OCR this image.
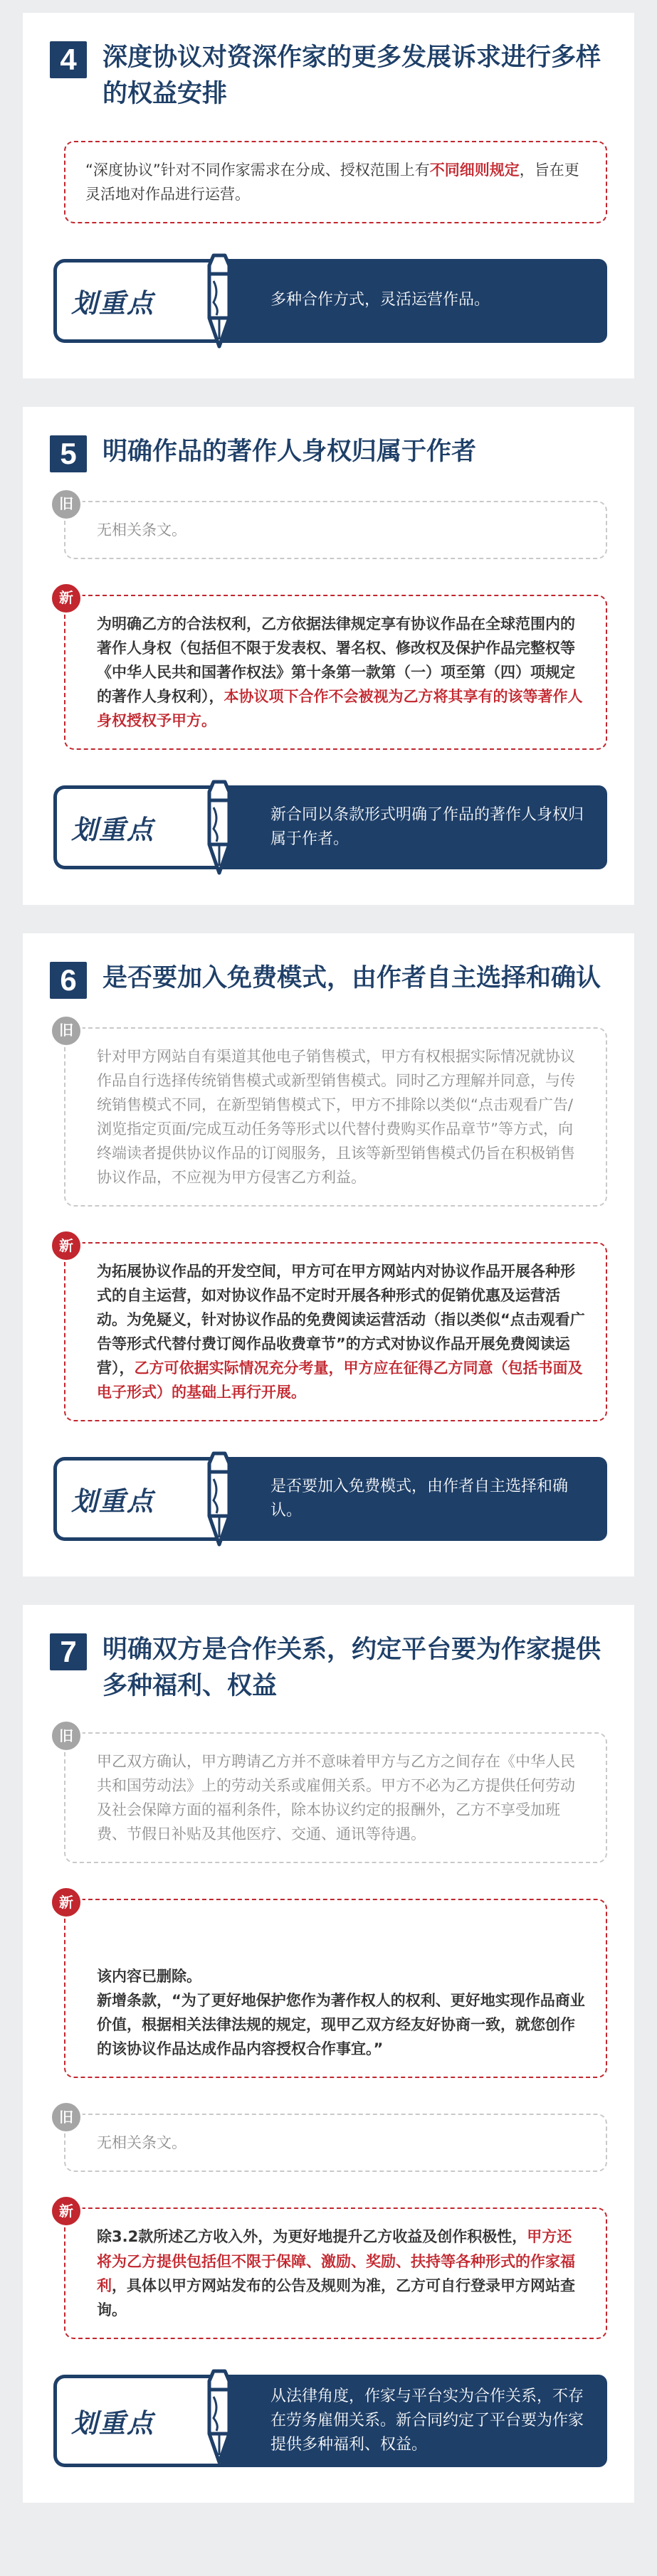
4	深度协议对资深作家的更多发展诉求进行多样的权益安排
“深度协议”针对不同作家需求在分成、授权范围上有不同细则规定，旨在更灵活地对作品进行运营。
划重点	多种合作方式，灵活运营作品。
5	明确作品的著作人身权归属于作者
旧
无相关条文。
新
为明确乙方的合法权利，乙方依据法律规定享有协议作品在全球范围内的著作人身权（包括但不限于发表权、署名权、修改权及保护作品完整权等《中华人民共和国著作权法》第十条第一款第（一）项至第（四）项规定的著作人身权利），本协议项下合作不会被视为乙方将其享有的该等著作人身权授权予甲方。
划重点	新合同以条款形式明确了作品的著作人身权归属于作者。
6	是否要加入免费模式，由作者自主选择和确认
旧
针对甲方网站自有渠道其他电子销售模式，甲方有权根据实际情况就协议作品自行选择传统销售模式或新型销售模式。同时乙方理解并同意，与传统销售模式不同，在新型销售模式下，甲方不排除以类似“点击观看广告/浏览指定页面/完成互动任务等形式以代替付费购买作品章节”等方式，向终端读者提供协议作品的订阅服务，且该等新型销售模式仍旨在积极销售协议作品，不应视为甲方侵害乙方利益。
新
为拓展协议作品的开发空间，甲方可在甲方网站内对协议作品开展各种形式的自主运营，如对协议作品不定时开展各种形式的促销优惠及运营活动。为免疑义，针对协议作品的免费阅读运营活动（指以类似“点击观看广告等形式代替付费订阅作品收费章节”的方式对协议作品开展免费阅读运营），乙方可依据实际情况充分考量，甲方应在征得乙方同意（包括书面及电子形式）的基础上再行开展。
划重点	是否要加入免费模式，由作者自主选择和确认。
7	明确双方是合作关系，约定平台要为作家提供多种福利、权益
旧
甲乙双方确认，甲方聘请乙方并不意味着甲方与乙方之间存在《中华人民共和国劳动法》上的劳动关系或雇佣关系。甲方不必为乙方提供任何劳动及社会保障方面的福利条件，除本协议约定的报酬外，乙方不享受加班费、节假日补贴及其他医疗、交通、通讯等待遇。

新

该内容已删除。
新增条款，“为了更好地保护您作为著作权人的权利、更好地实现作品商业价值，根据相关法律法规的规定，现甲乙双方经友好协商一致，就您创作的该协议作品达成作品内容授权合作事宜。”

旧
无相关条文。
新
除3.2款所述乙方收入外，为更好地提升乙方收益及创作积极性，甲方还将为乙方提供包括但不限于保障、激励、奖励、扶持等各种形式的作家福利，具体以甲方网站发布的公告及规则为准，乙方可自行登录甲方网站查询。
划重点
从法律角度，作家与平台实为合作关系，不存在劳务雇佣关系。新合同约定了平台要为作家提供多种福利、权益。
